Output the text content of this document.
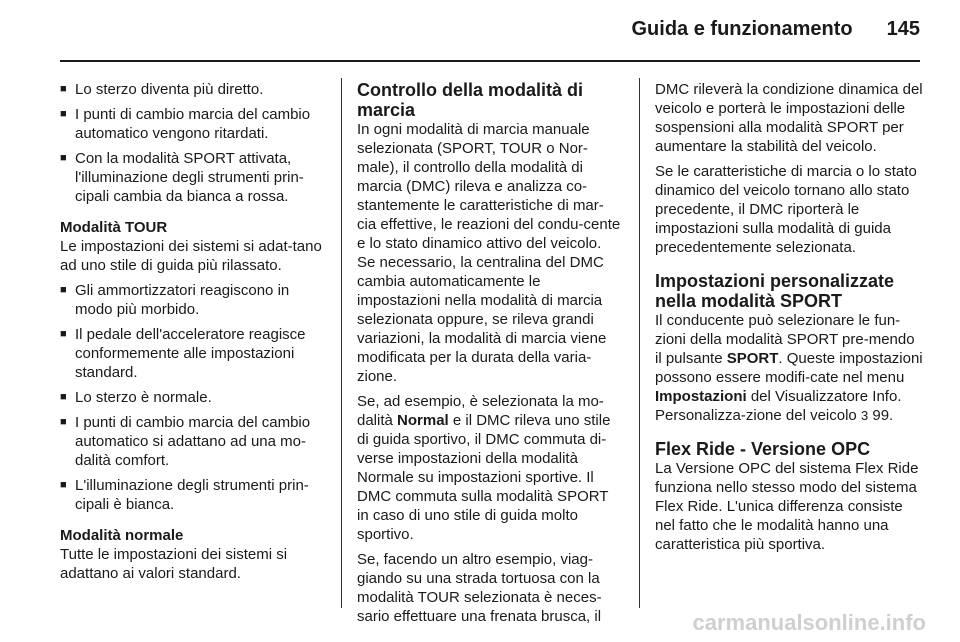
Guida e funzionamento 145
■ Lo sterzo diventa più diretto.
■ I punti di cambio marcia del cambio automatico vengono ritardati.
■ Con la modalità SPORT attivata, l'illuminazione degli strumenti prin-cipali cambia da bianca a rossa.
Modalità TOUR

Le impostazioni dei sistemi si adat-tano ad uno stile di guida più rilassato.

■ Gli ammortizzatori reagiscono in modo più morbido.
■ Il pedale dell'acceleratore reagisce conformemente alle impostazioni standard.
■ Lo sterzo è normale.
■ I punti di cambio marcia del cambio automatico si adattano ad una mo-dalità comfort.
■ L'illuminazione degli strumenti prin-cipali è bianca.
Modalità normale

Tutte le impostazioni dei sistemi si adattano ai valori standard.

Controllo della modalità di marcia

In ogni modalità di marcia manuale selezionata (SPORT, TOUR o Nor-male), il controllo della modalità di marcia (DMC) rileva e analizza co-stantemente le caratteristiche di mar-cia effettive, le reazioni del condu-cente e lo stato dinamico attivo del veicolo. Se necessario, la centralina del DMC cambia automaticamente le impostazioni nella modalità di marcia selezionata oppure, se rileva grandi variazioni, la modalità di marcia viene modificata per la durata della varia-zione.

Se, ad esempio, è selezionata la mo-dalità Normal e il DMC rileva uno stile di guida sportivo, il DMC commuta di-verse impostazioni della modalità Normale su impostazioni sportive. Il DMC commuta sulla modalità SPORT in caso di uno stile di guida molto sportivo.

Se, facendo un altro esempio, viag-giando su una strada tortuosa con la modalità TOUR selezionata è neces-sario effettuare una frenata brusca, il

DMC rileverà la condizione dinamica del veicolo e porterà le impostazioni delle sospensioni alla modalità SPORT per aumentare la stabilità del veicolo.

Se le caratteristiche di marcia o lo stato dinamico del veicolo tornano allo stato precedente, il DMC riporterà le impostazioni sulla modalità di guida precedentemente selezionata.

Impostazioni personalizzate nella modalità SPORT

Il conducente può selezionare le fun-zioni della modalità SPORT pre-mendo il pulsante SPORT. Queste impostazioni possono essere modifi-cate nel menu Impostazioni del Visualizzatore Info. Personalizza-zione del veicolo 3 99.

Flex Ride - Versione OPC

La Versione OPC del sistema Flex Ride funziona nello stesso modo del sistema Flex Ride. L'unica differenza consiste nel fatto che le modalità hanno una caratteristica più sportiva.

carmanualsonline.info
